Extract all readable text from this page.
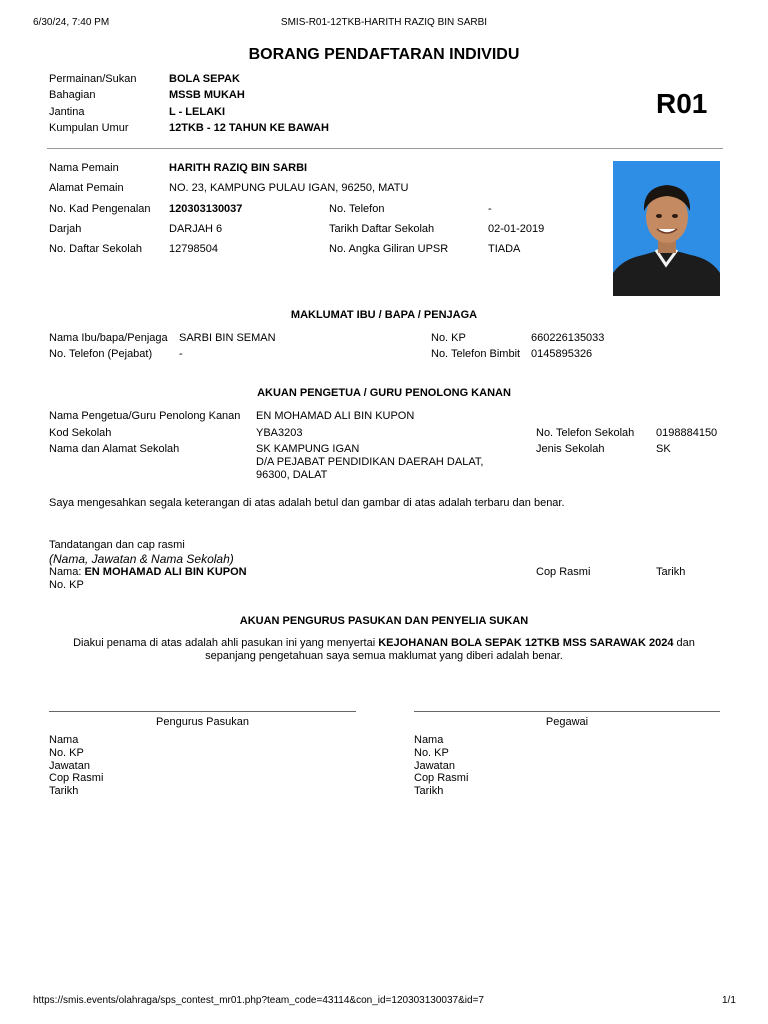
6/30/24, 7:40 PM	SMIS-R01-12TKB-HARITH RAZIQ BIN SARBI
BORANG PENDAFTARAN INDIVIDU
R01
Permainan/Sukan	BOLA SEPAK
Bahagian	MSSB MUKAH
Jantina	L - LELAKI
Kumpulan Umur	12TKB - 12 TAHUN KE BAWAH
Nama Pemain	HARITH RAZIQ BIN SARBI
Alamat Pemain	NO. 23, KAMPUNG PULAU IGAN, 96250, MATU
No. Kad Pengenalan 120303130037	No. Telefon	-
Darjah	DARJAH 6	Tarikh Daftar Sekolah	02-01-2019
No. Daftar Sekolah 12798504	No. Angka Giliran UPSR	TIADA
MAKLUMAT IBU / BAPA / PENJAGA
Nama Ibu/bapa/Penjaga SARBI BIN SEMAN	No. KP	660226135033
No. Telefon (Pejabat) -	No. Telefon Bimbit 0145895326
AKUAN PENGETUA / GURU PENOLONG KANAN
Nama Pengetua/Guru Penolong Kanan EN MOHAMAD ALI BIN KUPON
Kod Sekolah	YBA3203	No. Telefon Sekolah 0198884150
Nama dan Alamat Sekolah	SK KAMPUNG IGAN
D/A PEJABAT PENDIDIKAN DAERAH DALAT,
96300, DALAT
Jenis Sekolah	SK
Saya mengesahkan segala keterangan di atas adalah betul dan gambar di atas adalah terbaru dan benar.
Tandatangan dan cap rasmi
(Nama, Jawatan & Nama Sekolah)
Nama: EN MOHAMAD ALI BIN KUPON
No. KP
Cop Rasmi	Tarikh
AKUAN PENGURUS PASUKAN DAN PENYELIA SUKAN
Diakui penama di atas adalah ahli pasukan ini yang menyertai KEJOHANAN BOLA SEPAK 12TKB MSS SARAWAK 2024 dan
sepanjang pengetahuan saya semua maklumat yang diberi adalah benar.
Pengurus Pasukan	Pegawai
Nama
No. KP
Jawatan
Cop Rasmi
Tarikh
Nama
No. KP
Jawatan
Cop Rasmi
Tarikh
https://smis.events/olahraga/sps_contest_mr01.php?team_code=43114&con_id=120303130037&id=7	1/1
